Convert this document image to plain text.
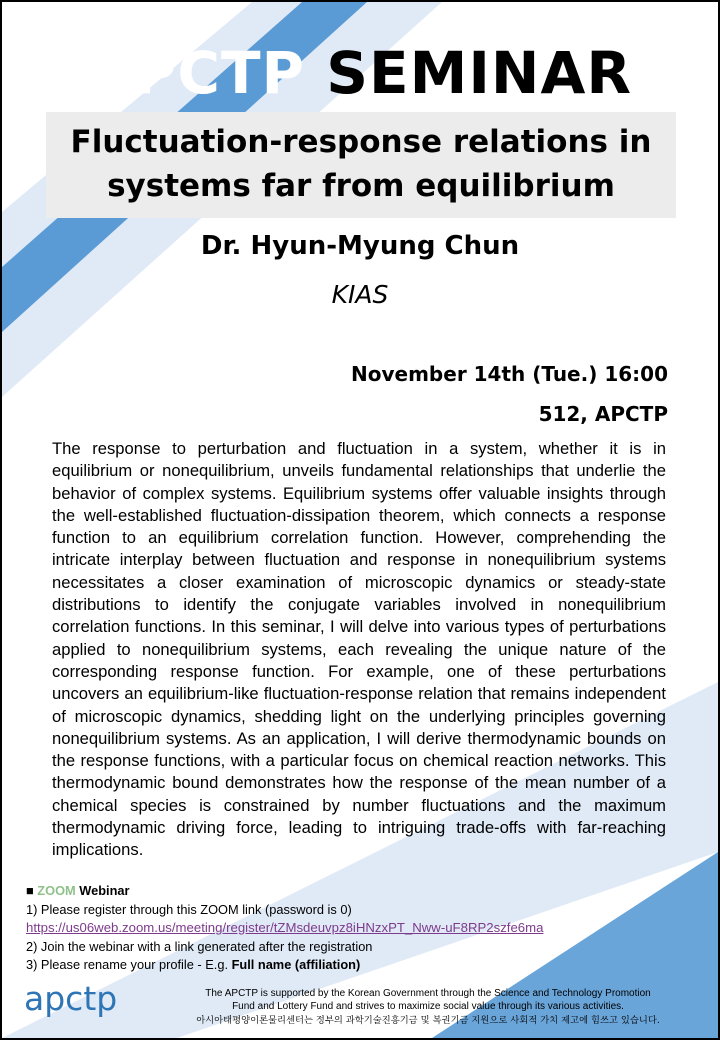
APCTP SEMINAR
Fluctuation-response relations in
systems far from equilibrium
Dr. Hyun-Myung Chun
KIAS
November 14th (Tue.) 16:00
512, APCTP

The response to perturbation and fluctuation in a system, whether it is in equilibrium or nonequilibrium, unveils fundamental relationships that underlie the behavior of complex systems. Equilibrium systems offer valuable insights through the well-established fluctuation-dissipation theorem, which connects a response function to an equilibrium correlation function. However, comprehending the intricate interplay between fluctuation and response in nonequilibrium systems necessitates a closer examination of microscopic dynamics or steady-state distributions to identify the conjugate variables involved in nonequilibrium correlation functions. In this seminar, I will delve into various types of perturbations applied to nonequilibrium systems, each revealing the unique nature of the corresponding response function. For example, one of these perturbations uncovers an equilibrium-like fluctuation-response relation that remains independent of microscopic dynamics, shedding light on the underlying principles governing nonequilibrium systems. As an application, I will derive thermodynamic bounds on the response functions, with a particular focus on chemical reaction networks. This thermodynamic bound demonstrates how the response of the mean number of a chemical species is constrained by number fluctuations and the maximum thermodynamic driving force, leading to intriguing trade-offs with far-reaching implications.

■ ZOOM Webinar
1) Please register through this ZOOM link (password is 0)
https://us06web.zoom.us/meeting/register/tZMsdeuvpz8iHNzxPT_Nww-uF8RP2szfe6ma
2) Join the webinar with a link generated after the registration
3) Please rename your profile - E.g. Full name (affiliation)
apctp	The APCTP is supported by the Korean Government through the Science and Technology Promotion
Fund and Lottery Fund and strives to maximize social value through its various activities.
아시아태평양이론물리센터는 정부의 과학기술진흥기금 및 복권기금 지원으로 사회적 가치 제고에 힘쓰고 있습니다.
